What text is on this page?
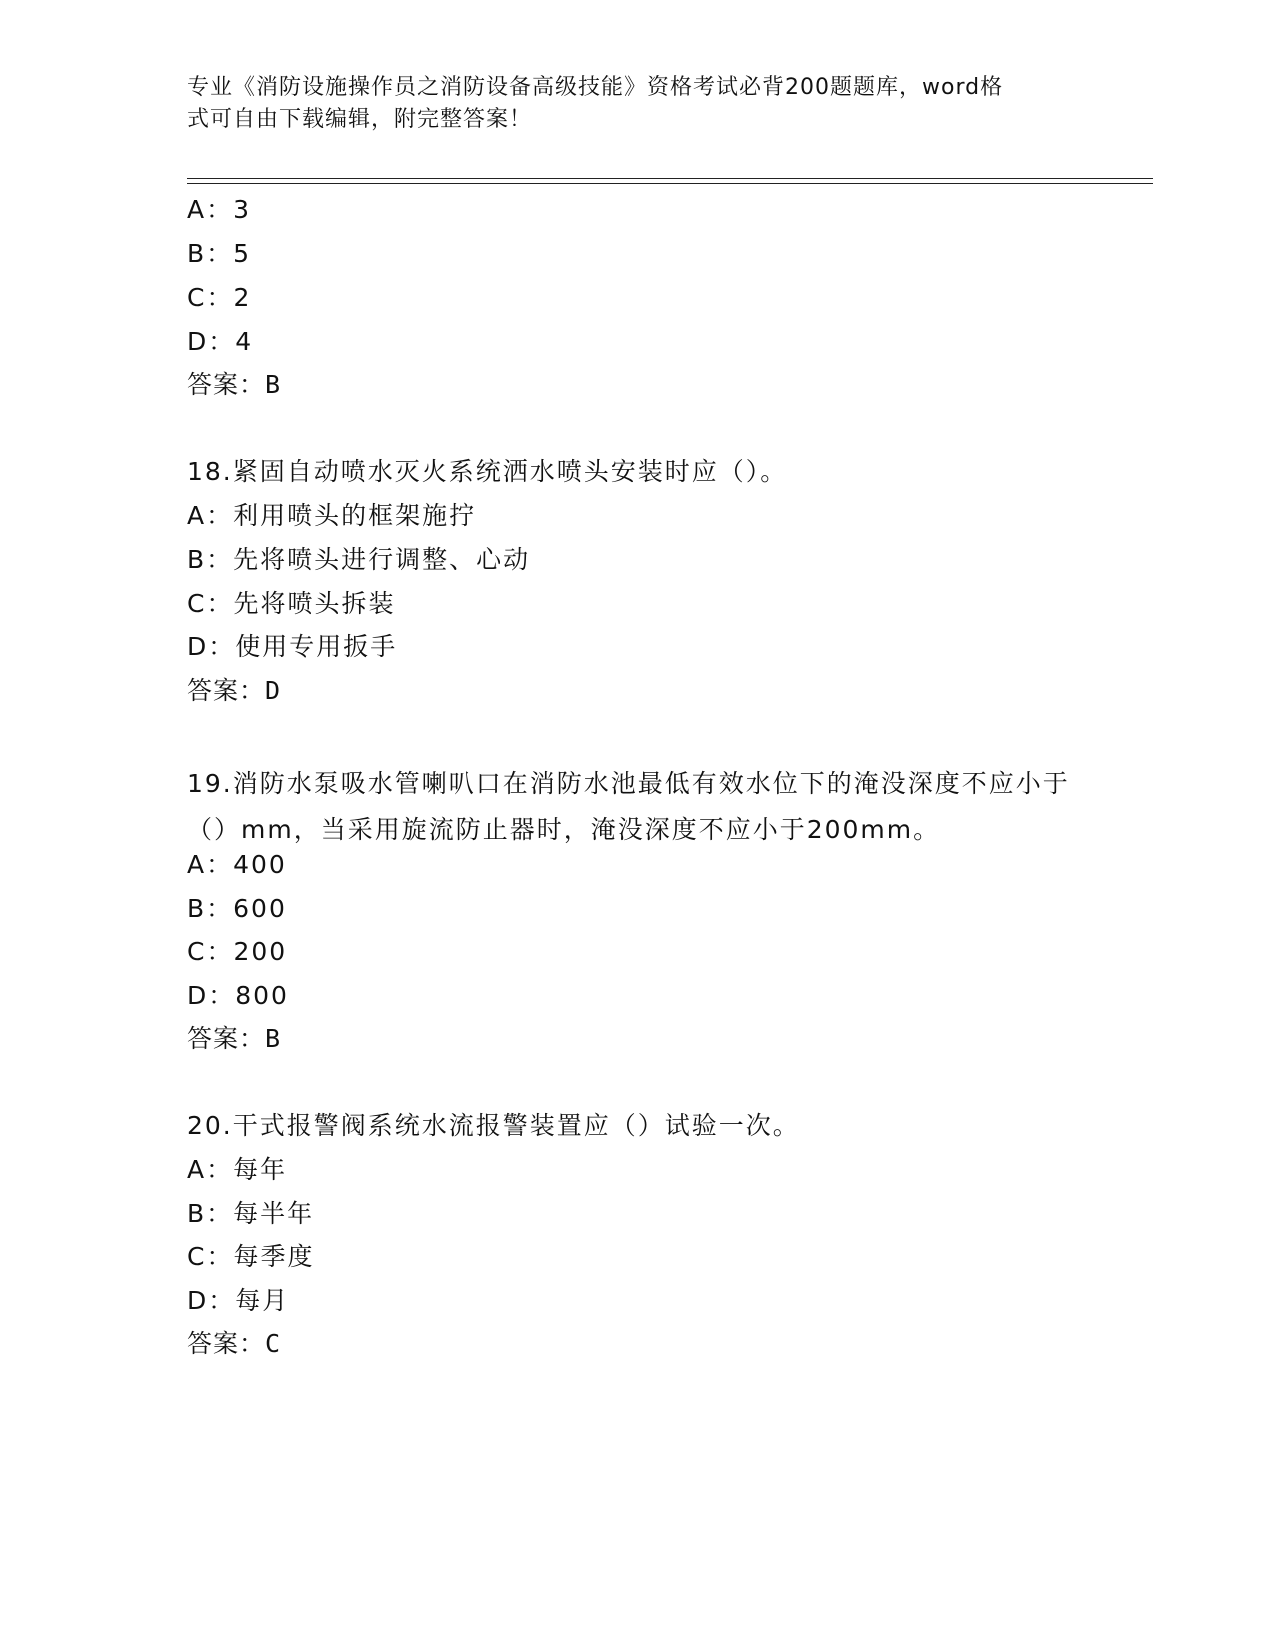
专业《消防设施操作员之消防设备高级技能》资格考试必背200题题库，word格
式可自由下载编辑，附完整答案！
A：3
B：5
C：2
D：4
答案：B
18.紧固自动喷水灭火系统洒水喷头安装时应（）。
A：利用喷头的框架施拧
B：先将喷头进行调整、心动
C：先将喷头拆装
D：使用专用扳手
答案：D
19.消防水泵吸水管喇叭口在消防水池最低有效水位下的淹没深度不应小于（）mm，当采用旋流防止器时，淹没深度不应小于200mm。
A：400
B：600
C：200
D：800
答案：B
20.干式报警阀系统水流报警装置应（）试验一次。
A：每年
B：每半年
C：每季度
D：每月
答案：C
